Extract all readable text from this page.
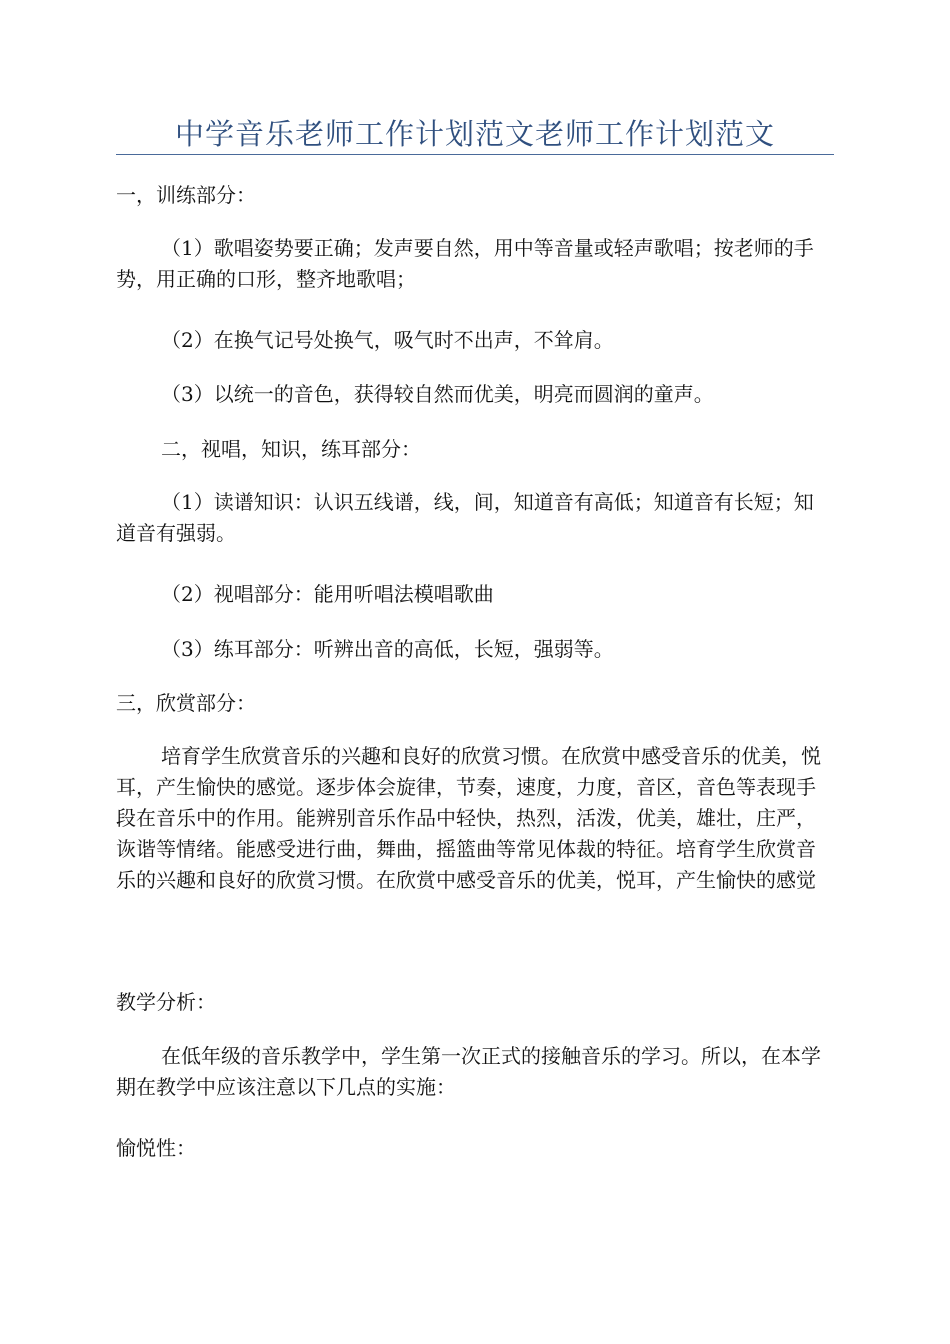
中学音乐老师工作计划范文老师工作计划范文

一，训练部分：

（1）歌唱姿势要正确；发声要自然，用中等音量或轻声歌唱；按老师的手势，用正确的口形，整齐地歌唱；

（2）在换气记号处换气，吸气时不出声，不耸肩。

（3）以统一的音色，获得较自然而优美，明亮而圆润的童声。

二，视唱，知识，练耳部分：

（1）读谱知识：认识五线谱，线，间，知道音有高低；知道音有长短；知道音有强弱。

（2）视唱部分：能用听唱法模唱歌曲

（3）练耳部分：听辨出音的高低，长短，强弱等。

三，欣赏部分：

培育学生欣赏音乐的兴趣和良好的欣赏习惯。在欣赏中感受音乐的优美，悦耳，产生愉快的感觉。逐步体会旋律，节奏，速度，力度，音区，音色等表现手段在音乐中的作用。能辨别音乐作品中轻快，热烈，活泼，优美，雄壮，庄严，诙谐等情绪。能感受进行曲，舞曲，摇篮曲等常见体裁的特征。培育学生欣赏音乐的兴趣和良好的欣赏习惯。在欣赏中感受音乐的优美，悦耳，产生愉快的感觉

教学分析：

在低年级的音乐教学中，学生第一次正式的接触音乐的学习。所以，在本学期在教学中应该注意以下几点的实施：

愉悦性：
